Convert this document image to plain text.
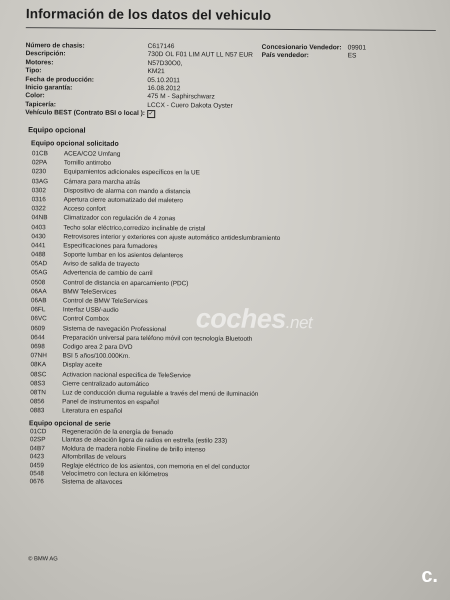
Información de los datos del vehiculo
Número de chasis:	C617146	Concesionario Vendedor: 09901
Descripción:	730D OL F01 LIM AUT LL N57 EUR	País vendedor:	ES
Motores:	N57D30O0,
Tipo:	KM21
Fecha de producción:	05.10.2011
Inicio garantía:	16.08.2012
Color:	475 M - Saphirschwarz
Tapicería:	LCCX - Cuero Dakota Oyster
Vehículo BEST (Contrato BSI o local ): ✓
Equipo opcional
Equipo opcional solicitado
01CB	ACEA/CO2 Umfang
02PA	Tornillo antirrobo
0230	Equipamientos adicionales específicos en la UE
03AG	Cámara para marcha atrás
0302	Dispositivo de alarma con mando a distancia
0316	Apertura cierre automatizado del maletero
0322	Acceso confort
04NB	Climatizador con regulación de 4 zonas
0403	Techo solar eléctrico,corredizo inclinable de cristal
0430	Retrovisores interior y exteriores con ajuste automático antideslumbramiento
0441	Especificaciones para fumadores
0488	Soporte lumbar en los asientos delanteros
05AD	Aviso de salida de trayecto
05AG	Advertencia de cambio de carril
0508	Control de distancia en aparcamiento (PDC)
06AA	BMW TeleServices
06AB	Control de BMW TeleServices
06FL	Interfaz USB/-audio
06VC	Control Combox
0609	Sistema de navegación Professional
0644	Preparación universal para teléfono móvil con tecnología Bluetooth
0698	Codigo area 2 para DVD
07NH	BSI 5 años/100.000Km.
08KA	Display aceite
08SC	Activacion nacional especifica de TeleService
08S3	Cierre centralizado automático
08TN	Luz de conducción diurna regulable a través del menú de iluminación
0856	Panel de instrumentos en español
0883	Literatura en español
Equipo opcional de serie
01CD	Regeneración de la energía de frenado
02SP	Llantas de aleación ligera de radios en estrella (estilo 233)
04B7	Moldura de madera noble Fineline de brillo intenso
0423	Alfombrillas de velours
0459	Reglaje eléctrico de los asientos, con memoria en el del conductor
0548	Velocímetro con lectura en kilómetros
0676	Sistema de altavoces
© BMW AG
coches.net
c.
